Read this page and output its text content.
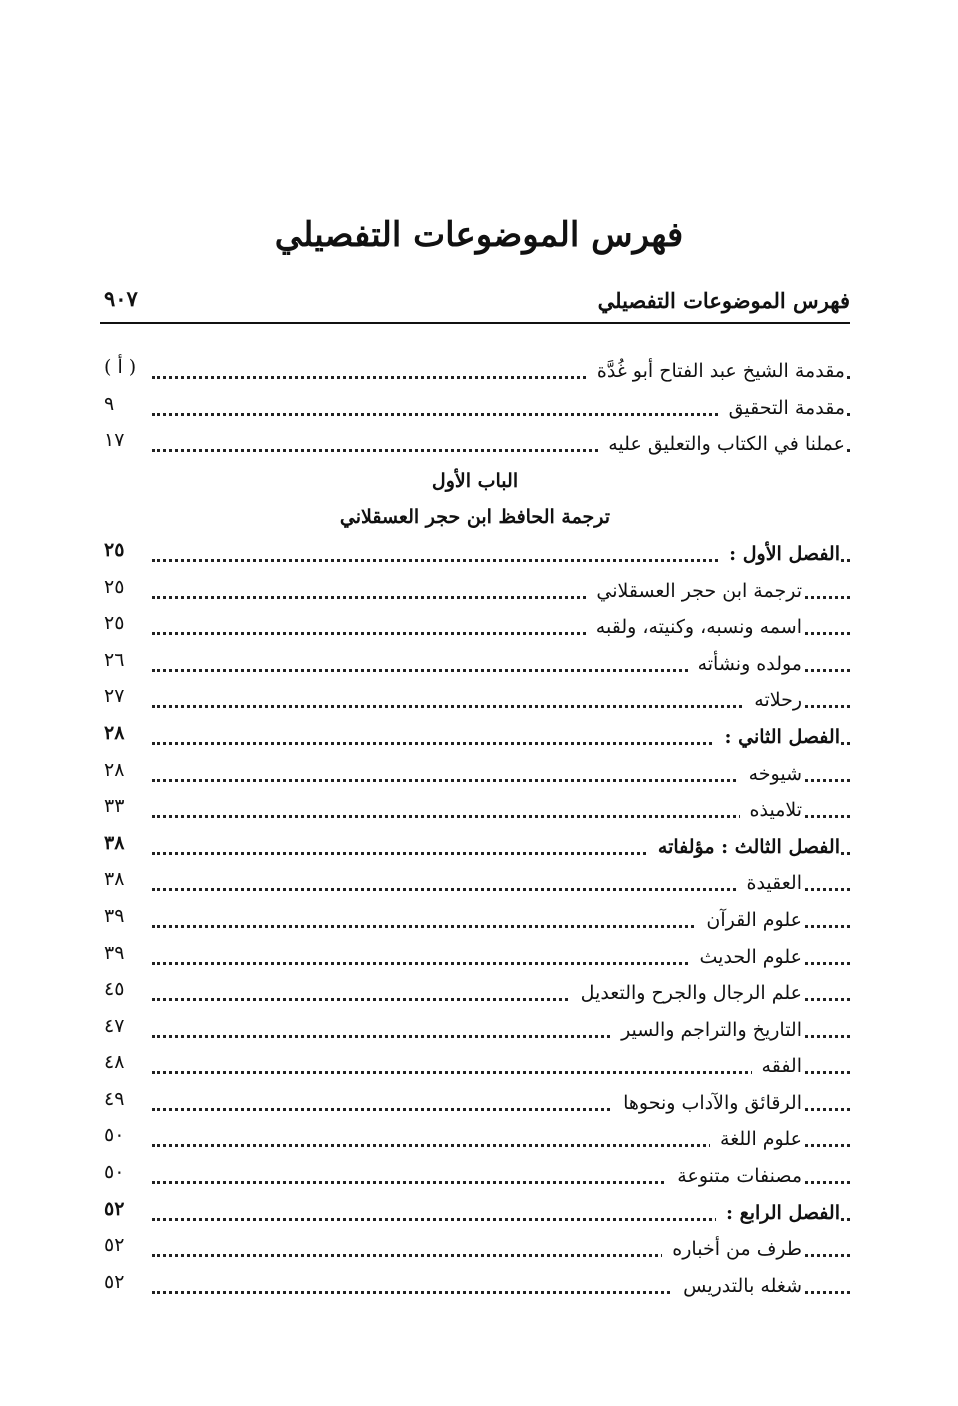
فهرس الموضوعات التفصيلي
فهرس الموضوعات التفصيلي
٩٠٧
مقدمة الشيخ عبد الفتاح أبو غُدَّة
( أ )
مقدمة التحقيق
٩
عملنا في الكتاب والتعليق عليه
١٧
الباب الأول
ترجمة الحافظ ابن حجر العسقلاني
الفصل الأول :
٢٥
ترجمة ابن حجر العسقلاني
٢٥
اسمه ونسبه، وكنيته، ولقبه
٢٥
مولده ونشأته
٢٦
رحلاته
٢٧
الفصل الثاني :
٢٨
شيوخه
٢٨
تلاميذه
٣٣
الفصل الثالث : مؤلفاته
٣٨
العقيدة
٣٨
علوم القرآن
٣٩
علوم الحديث
٣٩
علم الرجال والجرح والتعديل
٤٥
التاريخ والتراجم والسير
٤٧
الفقه
٤٨
الرقائق والآداب ونحوها
٤٩
علوم اللغة
٥٠
مصنفات متنوعة
٥٠
الفصل الرابع :
٥٢
طرف من أخباره
٥٢
شغله بالتدريس
٥٢
